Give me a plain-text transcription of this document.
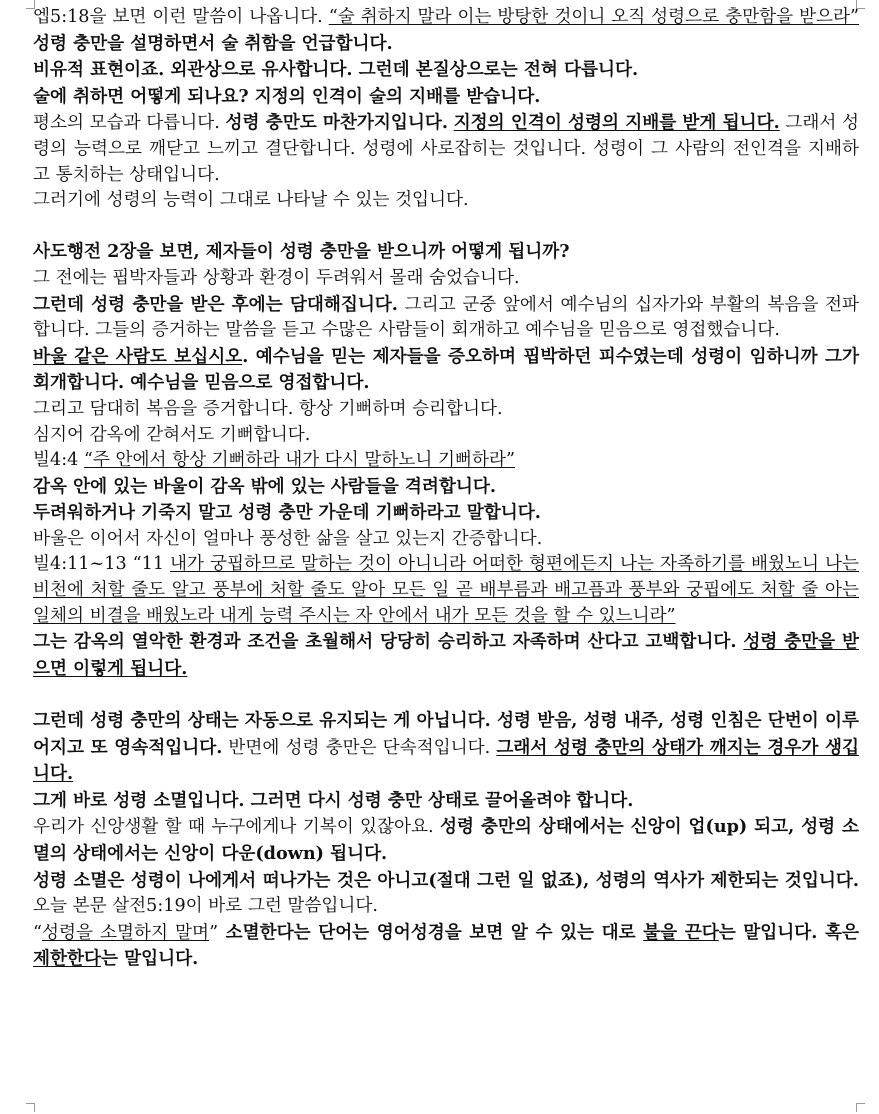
엡5:18을 보면 이런 말씀이 나옵니다. “술 취하지 말라 이는 방탕한 것이니 오직 성령으로 충만함을 받으라” 성령 충만을 설명하면서 술 취함을 언급합니다.

비유적 표현이죠. 외관상으로 유사합니다. 그런데 본질상으로는 전혀 다릅니다.

술에 취하면 어떻게 되나요? 지정의 인격이 술의 지배를 받습니다.

평소의 모습과 다릅니다. 성령 충만도 마찬가지입니다. 지정의 인격이 성령의 지배를 받게 됩니다. 그래서 성령의 능력으로 깨닫고 느끼고 결단합니다. 성령에 사로잡히는 것입니다. 성령이 그 사람의 전인격을 지배하고 통치하는 상태입니다.

그러기에 성령의 능력이 그대로 나타날 수 있는 것입니다.

사도행전 2장을 보면, 제자들이 성령 충만을 받으니까 어떻게 됩니까?

그 전에는 핍박자들과 상황과 환경이 두려워서 몰래 숨었습니다.

그런데 성령 충만을 받은 후에는 담대해집니다. 그리고 군중 앞에서 예수님의 십자가와 부활의 복음을 전파합니다. 그들의 증거하는 말씀을 듣고 수많은 사람들이 회개하고 예수님을 믿음으로 영접했습니다.

바울 같은 사람도 보십시오. 예수님을 믿는 제자들을 증오하며 핍박하던 피수였는데 성령이 임하니까 그가 회개합니다. 예수님을 믿음으로 영접합니다.

그리고 담대히 복음을 증거합니다. 항상 기뻐하며 승리합니다.

심지어 감옥에 갇혀서도 기뻐합니다.

빌4:4 “주 안에서 항상 기뻐하라 내가 다시 말하노니 기뻐하라”

감옥 안에 있는 바울이 감옥 밖에 있는 사람들을 격려합니다.

두려워하거나 기죽지 말고 성령 충만 가운데 기뻐하라고 말합니다.

바울은 이어서 자신이 얼마나 풍성한 삶을 살고 있는지 간증합니다.

빌4:11~13 “11 내가 궁핍하므로 말하는 것이 아니니라 어떠한 형편에든지 나는 자족하기를 배웠노니 나는 비천에 처할 줄도 알고 풍부에 처할 줄도 알아 모든 일 곧 배부름과 배고픔과 풍부와 궁핍에도 처할 줄 아는 일체의 비결을 배웠노라 내게 능력 주시는 자 안에서 내가 모든 것을 할 수 있느니라”

그는 감옥의 열악한 환경과 조건을 초월해서 당당히 승리하고 자족하며 산다고 고백합니다. 성령 충만을 받으면 이렇게 됩니다.

그런데 성령 충만의 상태는 자동으로 유지되는 게 아닙니다. 성령 받음, 성령 내주, 성령 인침은 단번이 이루어지고 또 영속적입니다. 반면에 성령 충만은 단속적입니다. 그래서 성령 충만의 상태가 깨지는 경우가 생깁니다.

그게 바로 성령 소멸입니다. 그러면 다시 성령 충만 상태로 끌어올려야 합니다.

우리가 신앙생활 할 때 누구에게나 기복이 있잖아요. 성령 충만의 상태에서는 신앙이 업(up) 되고, 성령 소멸의 상태에서는 신앙이 다운(down) 됩니다.

성령 소멸은 성령이 나에게서 떠나가는 것은 아니고(절대 그런 일 없죠), 성령의 역사가 제한되는 것입니다. 오늘 본문 살전5:19이 바로 그런 말씀입니다.

“성령을 소멸하지 말며” 소멸한다는 단어는 영어성경을 보면 알 수 있는 대로 불을 끈다는 말입니다. 혹은 제한한다는 말입니다.
